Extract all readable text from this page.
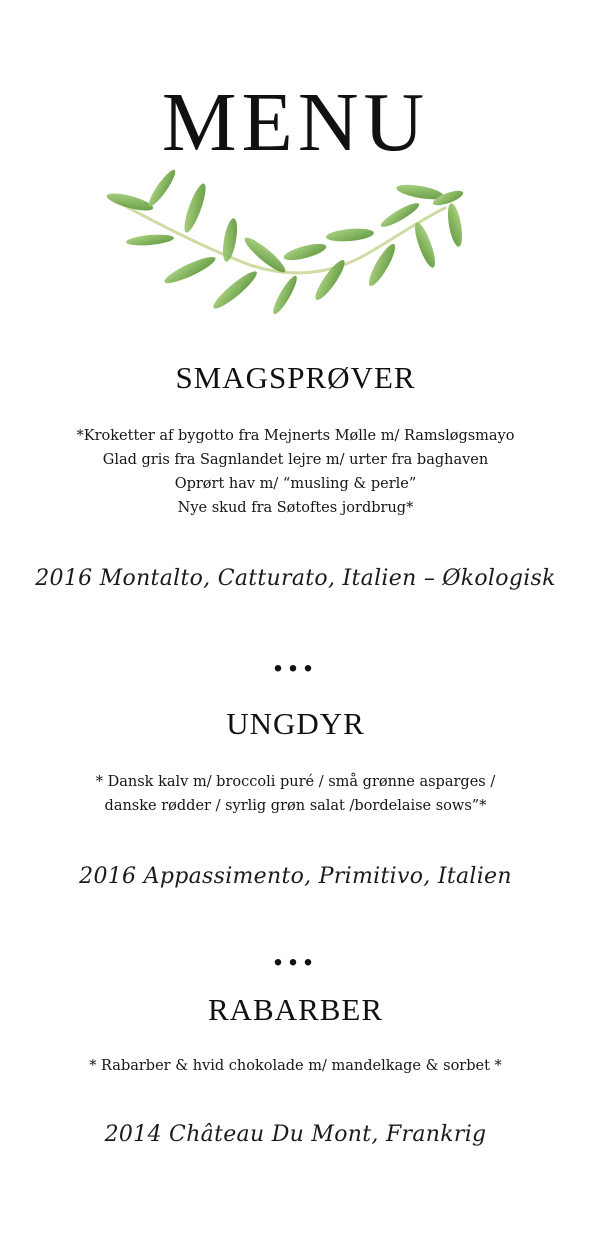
MENU
SMAGSPRØVER
*Kroketter af bygotto fra Mejnerts Mølle m/ Ramsløgsmayo
Glad gris fra Sagnlandet lejre m/ urter fra baghaven
Oprørt hav m/ “musling & perle”
Nye skud fra Søtoftes jordbrug*
2016 Montalto, Catturato, Italien – Økologisk
...
UNGDYR
* Dansk kalv m/ broccoli puré / små grønne asparges /
danske rødder / syrlig grøn salat /bordelaise sows”*
2016 Appassimento, Primitivo, Italien
...
RABARBER
* Rabarber & hvid chokolade m/ mandelkage & sorbet *
2014 Château Du Mont, Frankrig
